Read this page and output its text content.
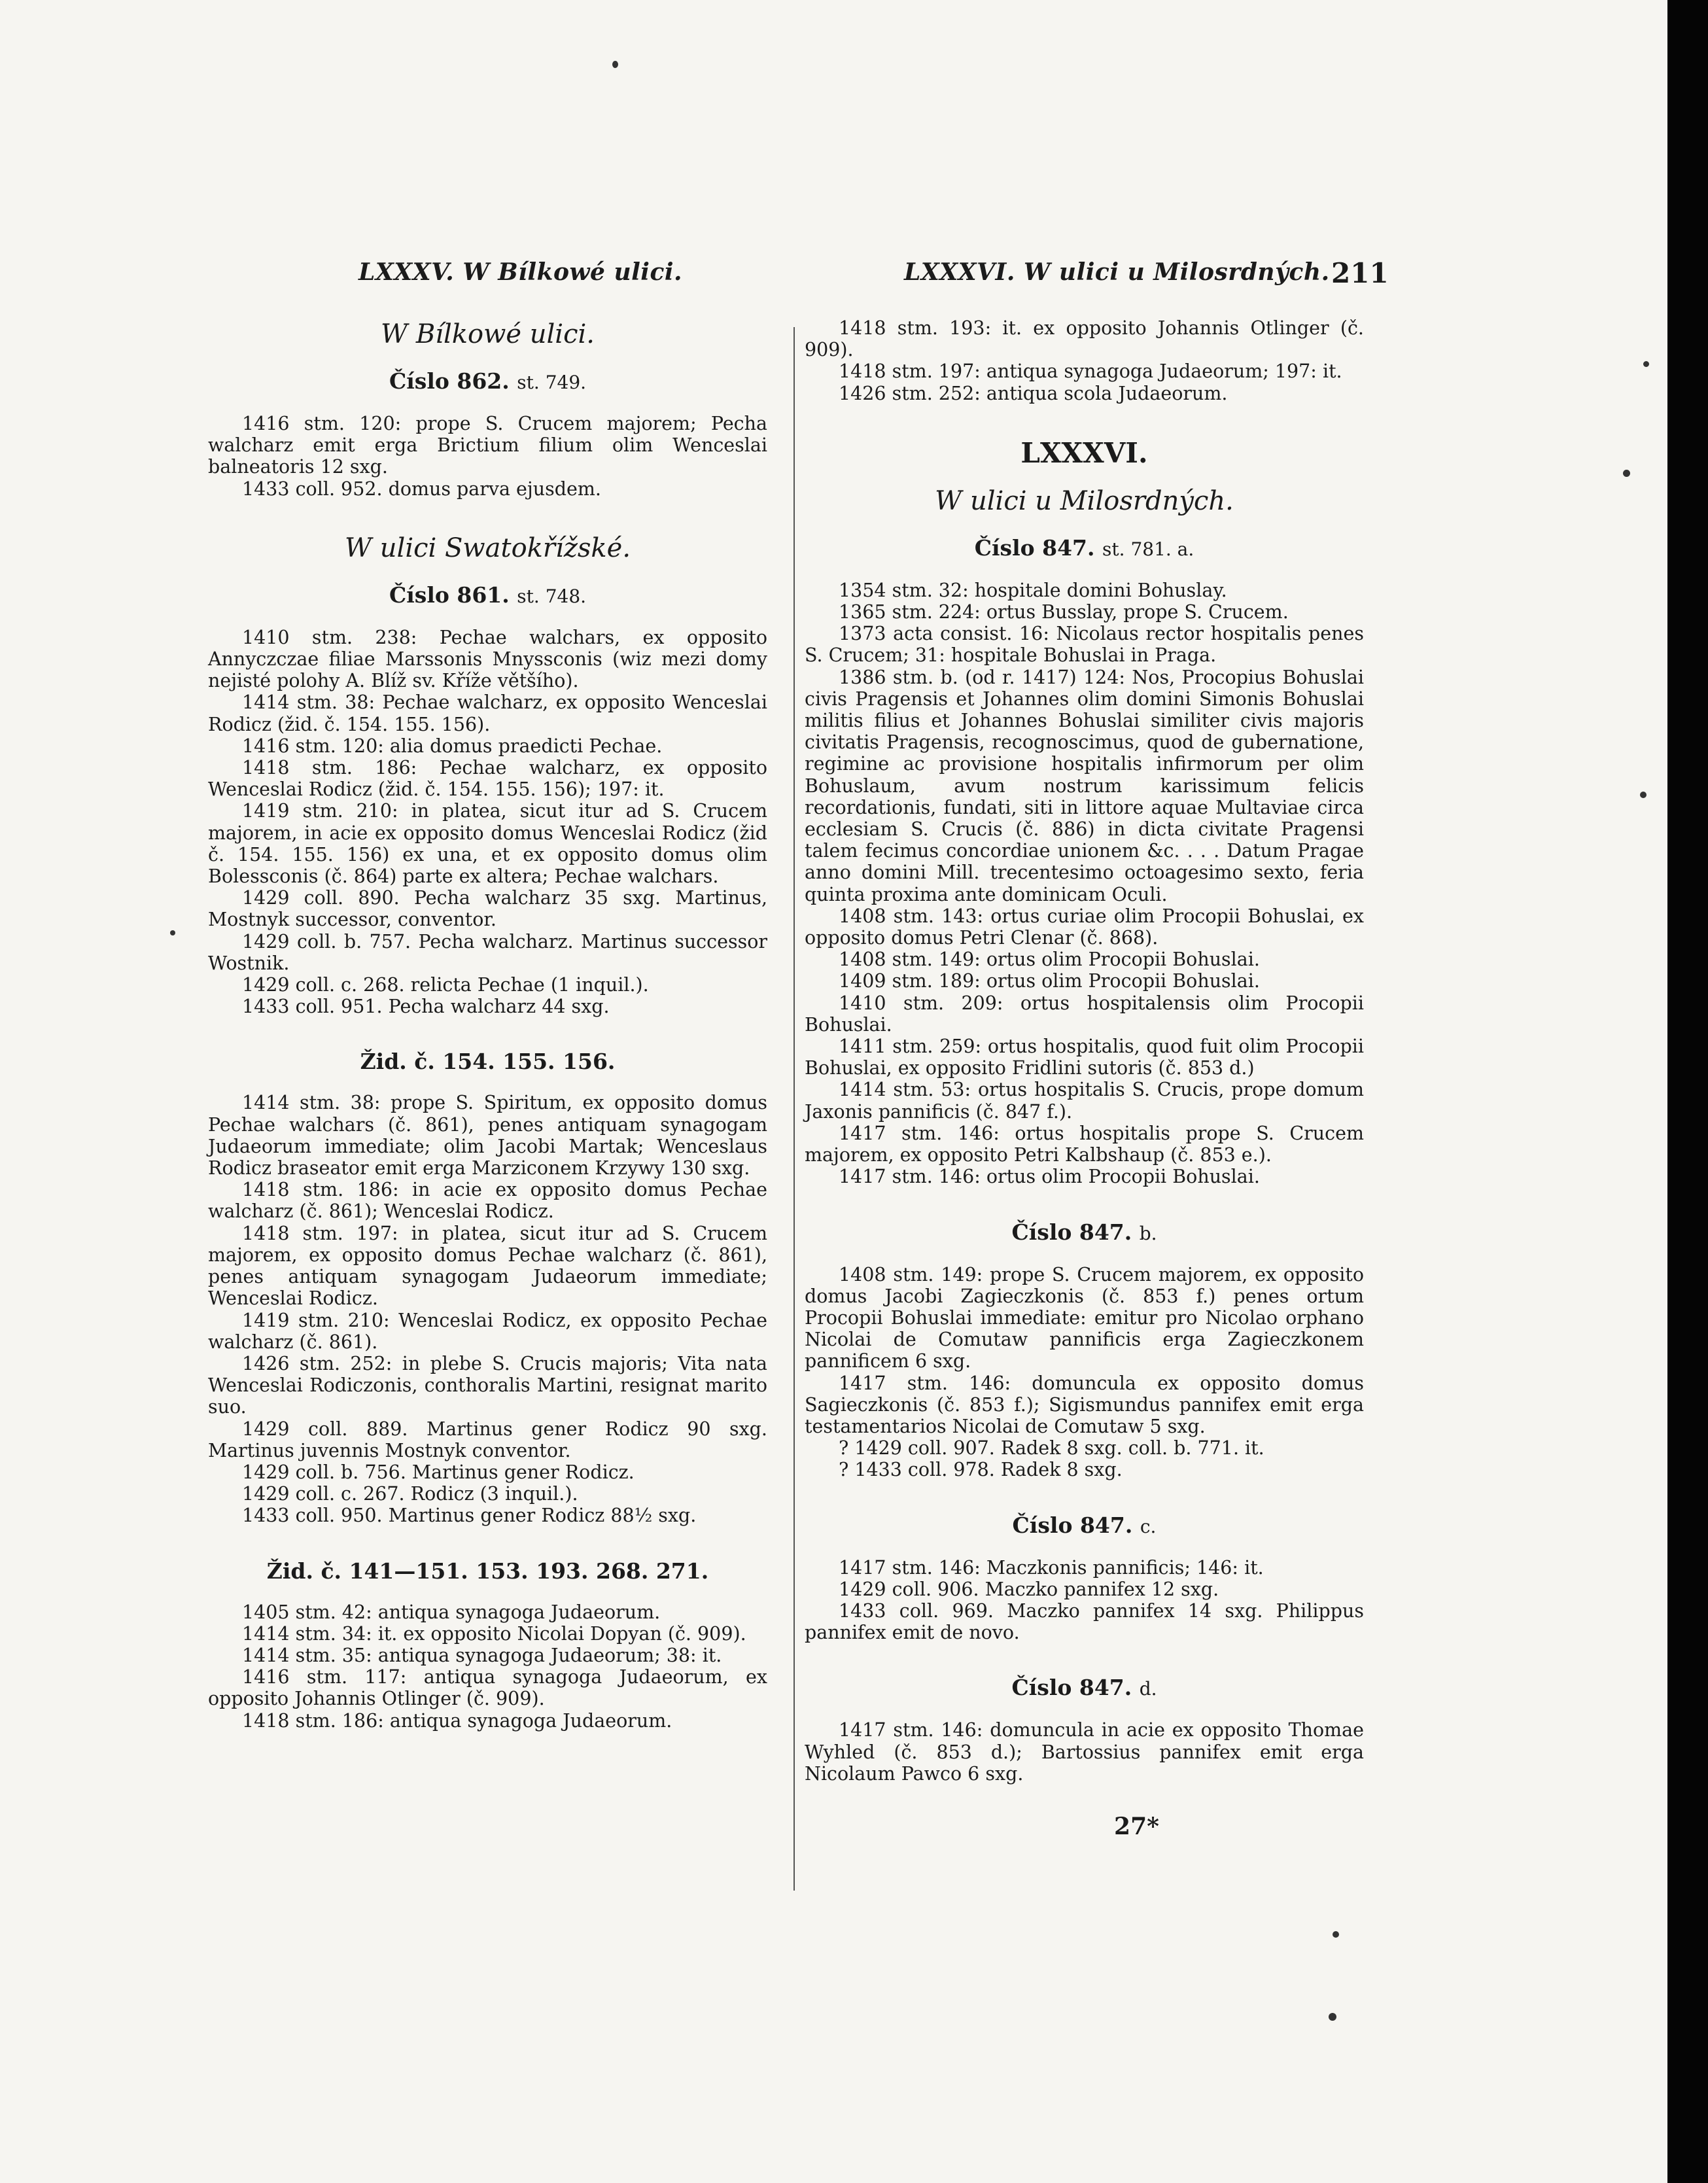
LXXXV. W Bílkowé ulici.	LXXXVI. W ulici u Milosrdných. 211
W Bílkowé ulici.
Číslo 862. st. 749.

1416 stm. 120: prope S. Crucem majorem; Pecha walcharz emit erga Brictium filium olim Wenceslai balneatoris 12 sxg.

1433 coll. 952. domus parva ejusdem.

W ulici Swatokřížské.
Číslo 861. st. 748.

1410 stm. 238: Pechae walchars, ex opposito Annyczczae filiae Marssonis Mnyssconis (wiz mezi domy nejisté polohy A. Blíž sv. Kříže většího).

1414 stm. 38: Pechae walcharz, ex opposito Wenceslai Rodicz (žid. č. 154. 155. 156).

1416 stm. 120: alia domus praedicti Pechae.

1418 stm. 186: Pechae walcharz, ex opposito Wenceslai Rodicz (žid. č. 154. 155. 156); 197: it.

1419 stm. 210: in platea, sicut itur ad S. Crucem majorem, in acie ex opposito domus Wenceslai Rodicz (žid č. 154. 155. 156) ex una, et ex opposito domus olim Bolessconis (č. 864) parte ex altera; Pechae walchars.

1429 coll. 890. Pecha walcharz 35 sxg. Martinus, Mostnyk successor, conventor.

1429 coll. b. 757. Pecha walcharz. Martinus successor Wostnik.

1429 coll. c. 268. relicta Pechae (1 inquil.).

1433 coll. 951. Pecha walcharz 44 sxg.

Žid. č. 154. 155. 156.

1414 stm. 38: prope S. Spiritum, ex opposito domus Pechae walchars (č. 861), penes antiquam synagogam Judaeorum immediate; olim Jacobi Martak; Wenceslaus Rodicz braseator emit erga Marziconem Krzywy 130 sxg.

1418 stm. 186: in acie ex opposito domus Pechae walcharz (č. 861); Wenceslai Rodicz.

1418 stm. 197: in platea, sicut itur ad S. Crucem majorem, ex opposito domus Pechae walcharz (č. 861), penes antiquam synagogam Judaeorum immediate; Wenceslai Rodicz.

1419 stm. 210: Wenceslai Rodicz, ex opposito Pechae walcharz (č. 861).

1426 stm. 252: in plebe S. Crucis majoris; Vita nata Wenceslai Rodiczonis, conthoralis Martini, resignat marito suo.

1429 coll. 889. Martinus gener Rodicz 90 sxg. Martinus juvennis Mostnyk conventor.

1429 coll. b. 756. Martinus gener Rodicz.

1429 coll. c. 267. Rodicz (3 inquil.).

1433 coll. 950. Martinus gener Rodicz 88½ sxg.

Žid. č. 141—151. 153. 193. 268. 271.

1405 stm. 42: antiqua synagoga Judaeorum.

1414 stm. 34: it. ex opposito Nicolai Dopyan (č. 909).

1414 stm. 35: antiqua synagoga Judaeorum; 38: it.

1416 stm. 117: antiqua synagoga Judaeorum, ex opposito Johannis Otlinger (č. 909).

1418 stm. 186: antiqua synagoga Judaeorum.

1418 stm. 193: it. ex opposito Johannis Otlinger (č. 909).

1418 stm. 197: antiqua synagoga Judaeorum; 197: it.

1426 stm. 252: antiqua scola Judaeorum.

LXXXVI.
W ulici u Milosrdných.
Číslo 847. st. 781. a.

1354 stm. 32: hospitale domini Bohuslay.

1365 stm. 224: ortus Busslay, prope S. Crucem.

1373 acta consist. 16: Nicolaus rector hospitalis penes S. Crucem; 31: hospitale Bohuslai in Praga.

1386 stm. b. (od r. 1417) 124: Nos, Procopius Bohuslai civis Pragensis et Johannes olim domini Simonis Bohuslai militis filius et Johannes Bohuslai similiter civis majoris civitatis Pragensis, recognoscimus, quod de gubernatione, regimine ac provisione hospitalis infirmorum per olim Bohuslaum, avum nostrum karissimum felicis recordationis, fundati, siti in littore aquae Multaviae circa ecclesiam S. Crucis (č. 886) in dicta civitate Pragensi talem fecimus concordiae unionem &c. . . . Datum Pragae anno domini Mill. trecentesimo octoagesimo sexto, feria quinta proxima ante dominicam Oculi.

1408 stm. 143: ortus curiae olim Procopii Bohuslai, ex opposito domus Petri Clenar (č. 868).

1408 stm. 149: ortus olim Procopii Bohuslai.

1409 stm. 189: ortus olim Procopii Bohuslai.

1410 stm. 209: ortus hospitalensis olim Procopii Bohuslai.

1411 stm. 259: ortus hospitalis, quod fuit olim Procopii Bohuslai, ex opposito Fridlini sutoris (č. 853 d.)

1414 stm. 53: ortus hospitalis S. Crucis, prope domum Jaxonis pannificis (č. 847 f.).

1417 stm. 146: ortus hospitalis prope S. Crucem majorem, ex opposito Petri Kalbshaup (č. 853 e.).

1417 stm. 146: ortus olim Procopii Bohuslai.

Číslo 847. b.

1408 stm. 149: prope S. Crucem majorem, ex opposito domus Jacobi Zagieczkonis (č. 853 f.) penes ortum Procopii Bohuslai immediate: emitur pro Nicolao orphano Nicolai de Comutaw pannificis erga Zagieczkonem pannificem 6 sxg.

1417 stm. 146: domuncula ex opposito domus Sagieczkonis (č. 853 f.); Sigismundus pannifex emit erga testamentarios Nicolai de Comutaw 5 sxg.

? 1429 coll. 907. Radek 8 sxg. coll. b. 771. it.

? 1433 coll. 978. Radek 8 sxg.

Číslo 847. c.

1417 stm. 146: Maczkonis pannificis; 146: it.

1429 coll. 906. Maczko pannifex 12 sxg.

1433 coll. 969. Maczko pannifex 14 sxg. Philippus pannifex emit de novo.

Číslo 847. d.

1417 stm. 146: domuncula in acie ex opposito Thomae Wyhled (č. 853 d.); Bartossius pannifex emit erga Nicolaum Pawco 6 sxg.

27*
